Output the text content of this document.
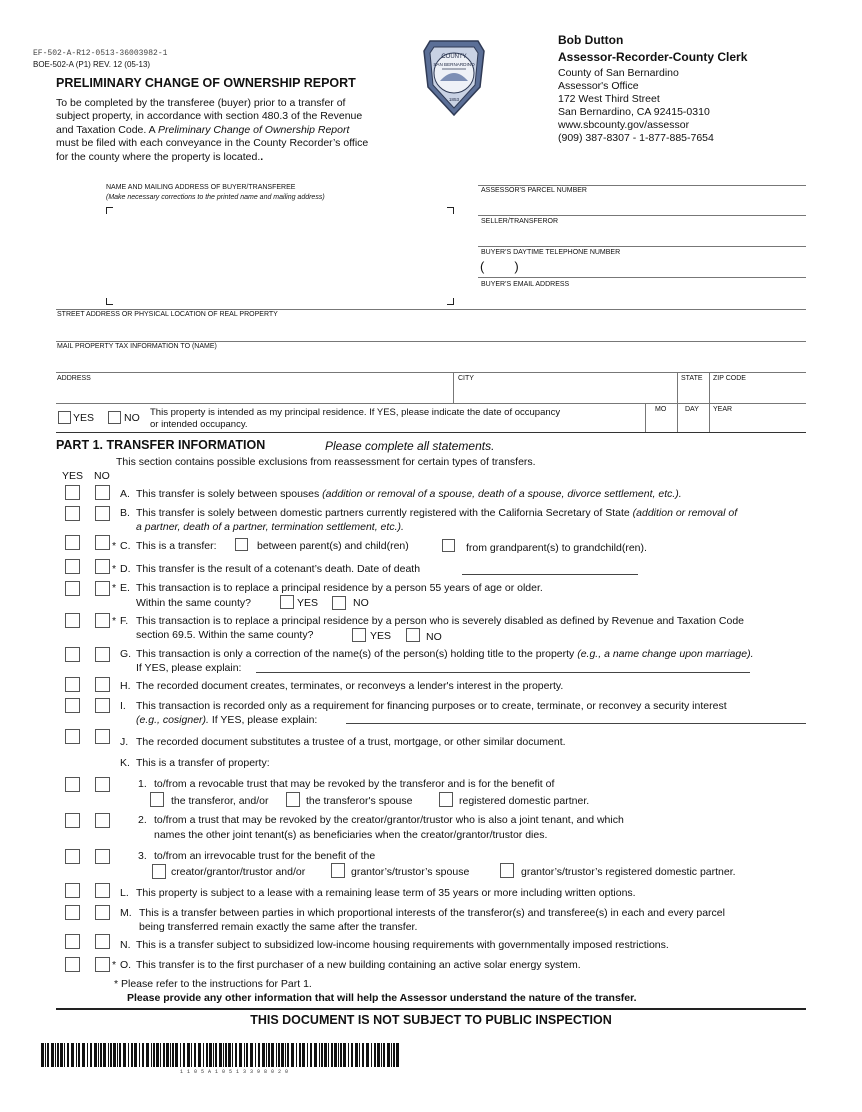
EF-502-A-R12-0513-36003982-1
BOE-502-A (P1) REV. 12 (05-13)
PRELIMINARY CHANGE OF OWNERSHIP REPORT
To be completed by the transferee (buyer) prior to a transfer of
subject property, in accordance with section 480.3 of the Revenue
and Taxation Code. A Preliminary Change of Ownership Report
must be filed with each conveyance in the County Recorder’s office
for the county where the property is located..
COUNTY
SAN BERNARDINO
1853
Bob Dutton
Assessor-Recorder-County Clerk
County of San Bernardino
Assessor's Office
172 West Third Street
San Bernardino, CA 92415-0310
www.sbcounty.gov/assessor
(909) 387-8307 - 1-877-885-7654
NAME AND MAILING ADDRESS OF BUYER/TRANSFEREE
(Make necessary corrections to the printed name and mailing address)
ASSESSOR'S PARCEL NUMBER
SELLER/TRANSFEROR
BUYER'S DAYTIME TELEPHONE NUMBER
( )
BUYER'S EMAIL ADDRESS
STREET ADDRESS OR PHYSICAL LOCATION OF REAL PROPERTY
MAIL PROPERTY TAX INFORMATION TO (NAME)
ADDRESS	CITY	STATE ZIP CODE
YES	NO This property is intended as my principal residence. If YES, please indicate the date of occupancy
or intended occupancy.
MO	DAY YEAR
PART 1. TRANSFER INFORMATION	Please complete all statements.
This section contains possible exclusions from reassessment for certain types of transfers.
YES NO
A. This transfer is solely between spouses (addition or removal of a spouse, death of a spouse, divorce settlement, etc.).
B. This transfer is solely between domestic partners currently registered with the California Secretary of State (addition or removal of
a partner, death of a partner, termination settlement, etc.).
* C. This is a transfer:	between parent(s) and child(ren)	from grandparent(s) to grandchild(ren).
* D. This transfer is the result of a cotenant’s death. Date of death
* E. This transaction is to replace a principal residence by a person 55 years of age or older.
Within the same county?	YES	NO
* F. This transaction is to replace a principal residence by a person who is severely disabled as defined by Revenue and Taxation Code
section 69.5. Within the same county?	YES	NO
G. This transaction is only a correction of the name(s) of the person(s) holding title to the property (e.g., a name change upon marriage).
If YES, please explain:
H. The recorded document creates, terminates, or reconveys a lender's interest in the property.
I. This transaction is recorded only as a requirement for financing purposes or to create, terminate, or reconvey a security interest
(e.g., cosigner). If YES, please explain:
J. The recorded document substitutes a trustee of a trust, mortgage, or other similar document.
K. This is a transfer of property:
1. to/from a revocable trust that may be revoked by the transferor and is for the benefit of
the transferor, and/or	the transferor's spouse	registered domestic partner.
2. to/from a trust that may be revoked by the creator/grantor/trustor who is also a joint tenant, and which
names the other joint tenant(s) as beneficiaries when the creator/grantor/trustor dies.
3. to/from an irrevocable trust for the benefit of the
creator/grantor/trustor and/or	grantor’s/trustor’s spouse	grantor’s/trustor’s registered domestic partner.
L. This property is subject to a lease with a remaining lease term of 35 years or more including written options.
M. This is a transfer between parties in which proportional interests of the transferor(s) and transferee(s) in each and every parcel
being transferred remain exactly the same after the transfer.
N. This is a transfer subject to subsidized low-income housing requirements with governmentally imposed restrictions.
* O. This transfer is to the first purchaser of a new building containing an active solar energy system.
* Please refer to the instructions for Part 1.
Please provide any other information that will help the Assessor understand the nature of the transfer.
THIS DOCUMENT IS NOT SUBJECT TO PUBLIC INSPECTION
1 1 0 5 A 1 0 5 1 3 3 9 8 0 2 0
